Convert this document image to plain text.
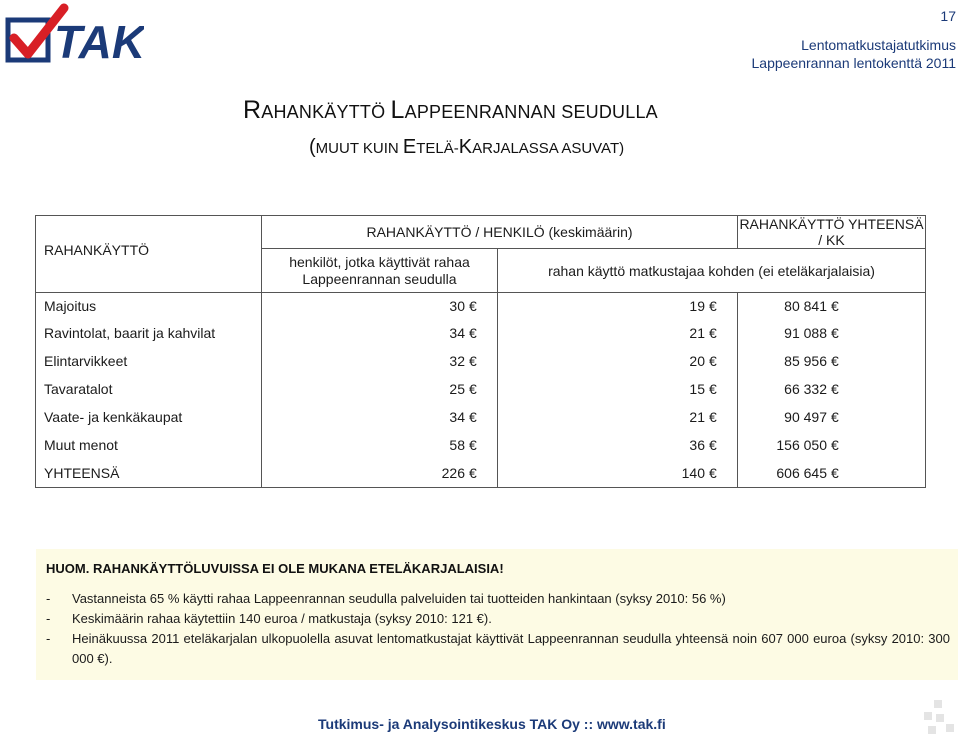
TAK	17
Lentomatkustajatutkimus
Lappeenrannan lentokenttä 2011
RAHANKÄYTTÖ LAPPEENRANNAN SEUDULLA
(MUUT KUIN ETELÄ-KARJALASSA ASUVAT)
RAHANKÄYTTÖ	RAHANKÄYTTÖ / HENKILÖ (keskimäärin)		RAHANKÄYTTÖ YHTEENSÄ / KK
	henkilöt, jotka käyttivät rahaa Lappeenrannan seudulla	rahan käyttö matkustajaa kohden (ei eteläkarjalaisia)	
Majoitus	30 €	19 €	80 841 €
Ravintolat, baarit ja kahvilat	34 €	21 €	91 088 €
Elintarvikkeet	32 €	20 €	85 956 €
Tavaratalot	25 €	15 €	66 332 €
Vaate- ja kenkäkaupat	34 €	21 €	90 497 €
Muut menot	58 €	36 €	156 050 €
YHTEENSÄ	226 €	140 €	606 645 €
HUOM. RAHANKÄYTTÖLUVUISSA EI OLE MUKANA ETELÄKARJALAISIA!
-	Vastanneista 65 % käytti rahaa Lappeenrannan seudulla palveluiden tai tuotteiden hankintaan (syksy 2010: 56 %)
-	Keskimäärin rahaa käytettiin 140 euroa / matkustaja (syksy 2010: 121 €).
-	Heinäkuussa 2011 eteläkarjalan ulkopuolella asuvat lentomatkustajat käyttivät Lappeenrannan seudulla yhteensä noin 607 000 euroa (syksy 2010: 300 000 €).
Tutkimus- ja Analysointikeskus TAK Oy :: www.tak.fi
